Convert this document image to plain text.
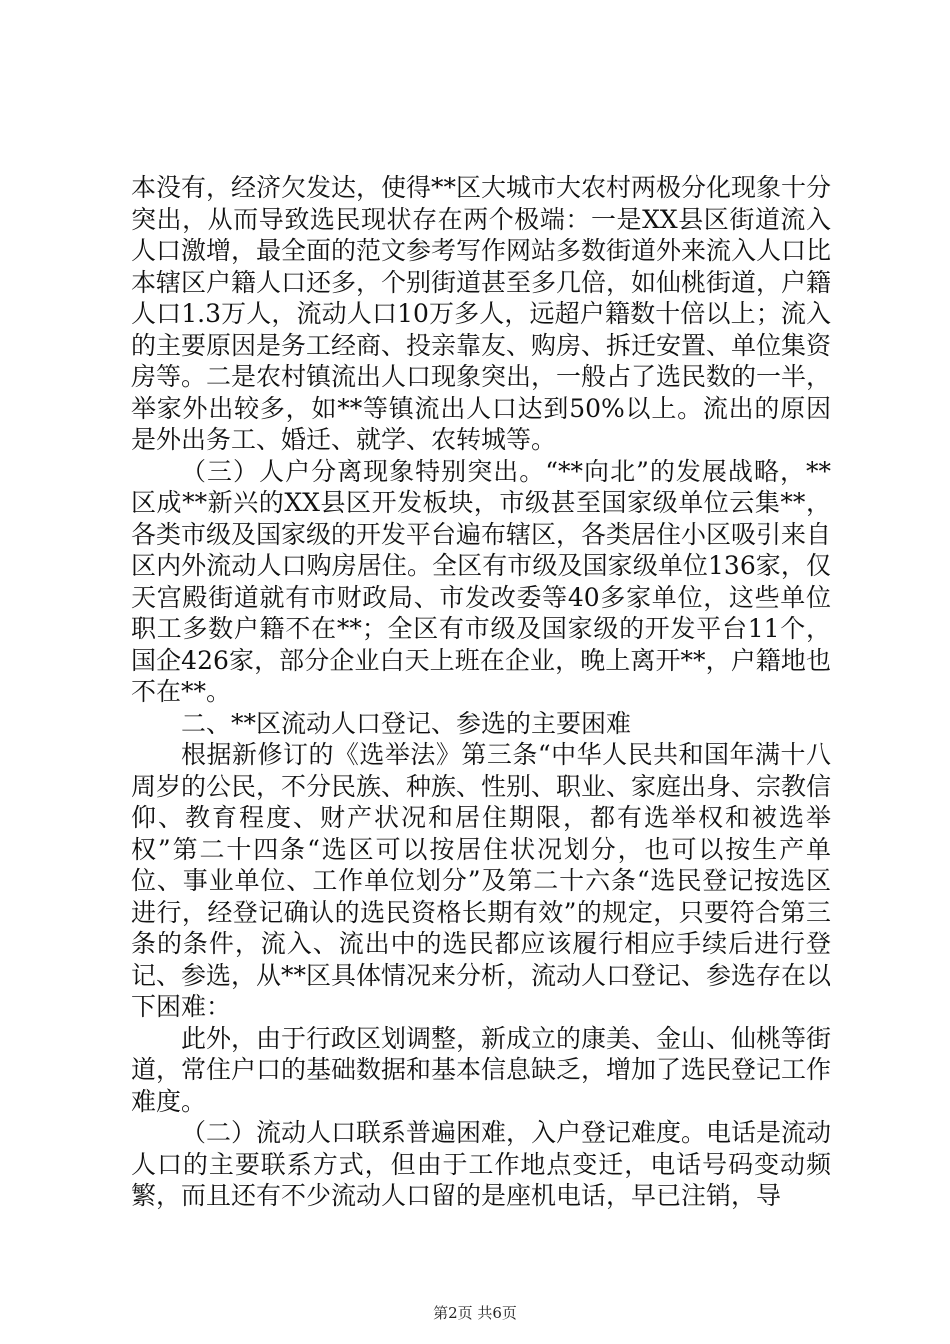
本没有，经济欠发达，使得**区大城市大农村两极分化现象十分突出，从而导致选民现状存在两个极端：一是XX县区街道流入人口激增，最全面的范文参考写作网站多数街道外来流入人口比本辖区户籍人口还多，个别街道甚至多几倍，如仙桃街道，户籍人口1.3万人，流动人口10万多人，远超户籍数十倍以上；流入的主要原因是务工经商、投亲靠友、购房、拆迁安置、单位集资房等。二是农村镇流出人口现象突出，一般占了选民数的一半，举家外出较多，如**等镇流出人口达到50%以上。流出的原因是外出务工、婚迁、就学、农转城等。

（三）人户分离现象特别突出。“**向北”的发展战略，**区成**新兴的XX县区开发板块，市级甚至国家级单位云集**，各类市级及国家级的开发平台遍布辖区，各类居住小区吸引来自区内外流动人口购房居住。全区有市级及国家级单位136家，仅天宫殿街道就有市财政局、市发改委等40多家单位，这些单位职工多数户籍不在**；全区有市级及国家级的开发平台11个，国企426家，部分企业白天上班在企业，晚上离开**，户籍地也不在**。

二、**区流动人口登记、参选的主要困难

根据新修订的《选举法》第三条“中华人民共和国年满十八周岁的公民，不分民族、种族、性别、职业、家庭出身、宗教信仰、教育程度、财产状况和居住期限，都有选举权和被选举权”第二十四条“选区可以按居住状况划分，也可以按生产单位、事业单位、工作单位划分”及第二十六条“选民登记按选区进行，经登记确认的选民资格长期有效”的规定，只要符合第三条的条件，流入、流出中的选民都应该履行相应手续后进行登记、参选，从**区具体情况来分析，流动人口登记、参选存在以下困难：

此外，由于行政区划调整，新成立的康美、金山、仙桃等街道，常住户口的基础数据和基本信息缺乏，增加了选民登记工作难度。

（二）流动人口联系普遍困难，入户登记难度。电话是流动人口的主要联系方式，但由于工作地点变迁，电话号码变动频繁，而且还有不少流动人口留的是座机电话，早已注销，导

第2页 共6页
